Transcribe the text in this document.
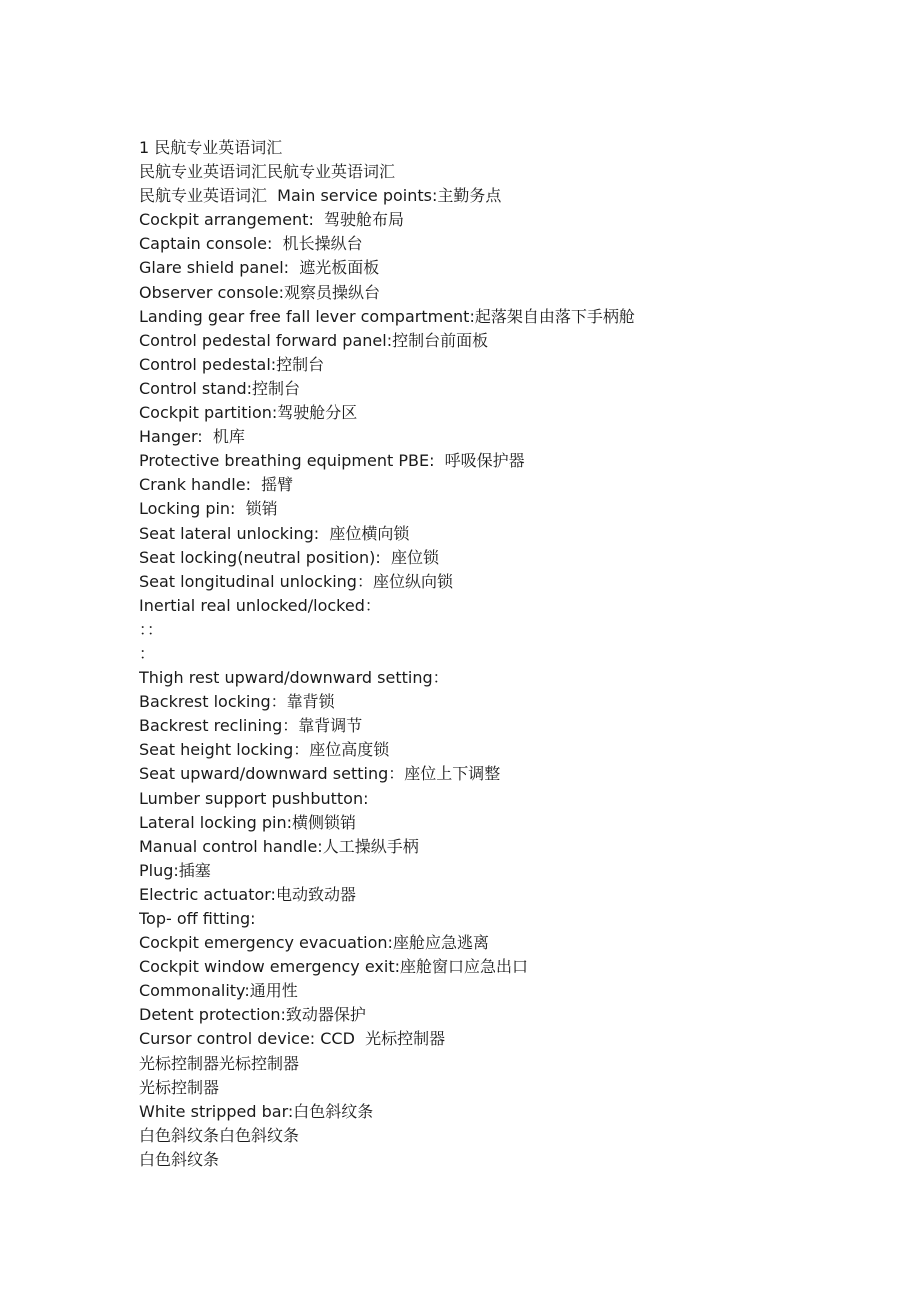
1 民航专业英语词汇
民航专业英语词汇民航专业英语词汇
民航专业英语词汇  Main service points:主勤务点
Cockpit arrangement:  驾驶舱布局
Captain console:  机长操纵台
Glare shield panel:  遮光板面板
Observer console:观察员操纵台
Landing gear free fall lever compartment:起落架自由落下手柄舱
Control pedestal forward panel:控制台前面板
Control pedestal:控制台
Control stand:控制台
Cockpit partition:驾驶舱分区
Hanger:  机库
Protective breathing equipment PBE:  呼吸保护器
Crank handle:  摇臂
Locking pin:  锁销
Seat lateral unlocking:  座位横向锁
Seat locking(neutral position):  座位锁
Seat longitudinal unlocking：座位纵向锁
Inertial real unlocked/locked：
：：
：
Thigh rest upward/downward setting：
Backrest locking：靠背锁
Backrest reclining：靠背调节
Seat height locking：座位高度锁
Seat upward/downward setting：座位上下调整
Lumber support pushbutton:
Lateral locking pin:横侧锁销
Manual control handle:人工操纵手柄
Plug:插塞
Electric actuator:电动致动器
Top- off fitting:
Cockpit emergency evacuation:座舱应急逃离
Cockpit window emergency exit:座舱窗口应急出口
Commonality:通用性
Detent protection:致动器保护
Cursor control device: CCD  光标控制器
光标控制器光标控制器
光标控制器
White stripped bar:白色斜纹条
白色斜纹条白色斜纹条
白色斜纹条
